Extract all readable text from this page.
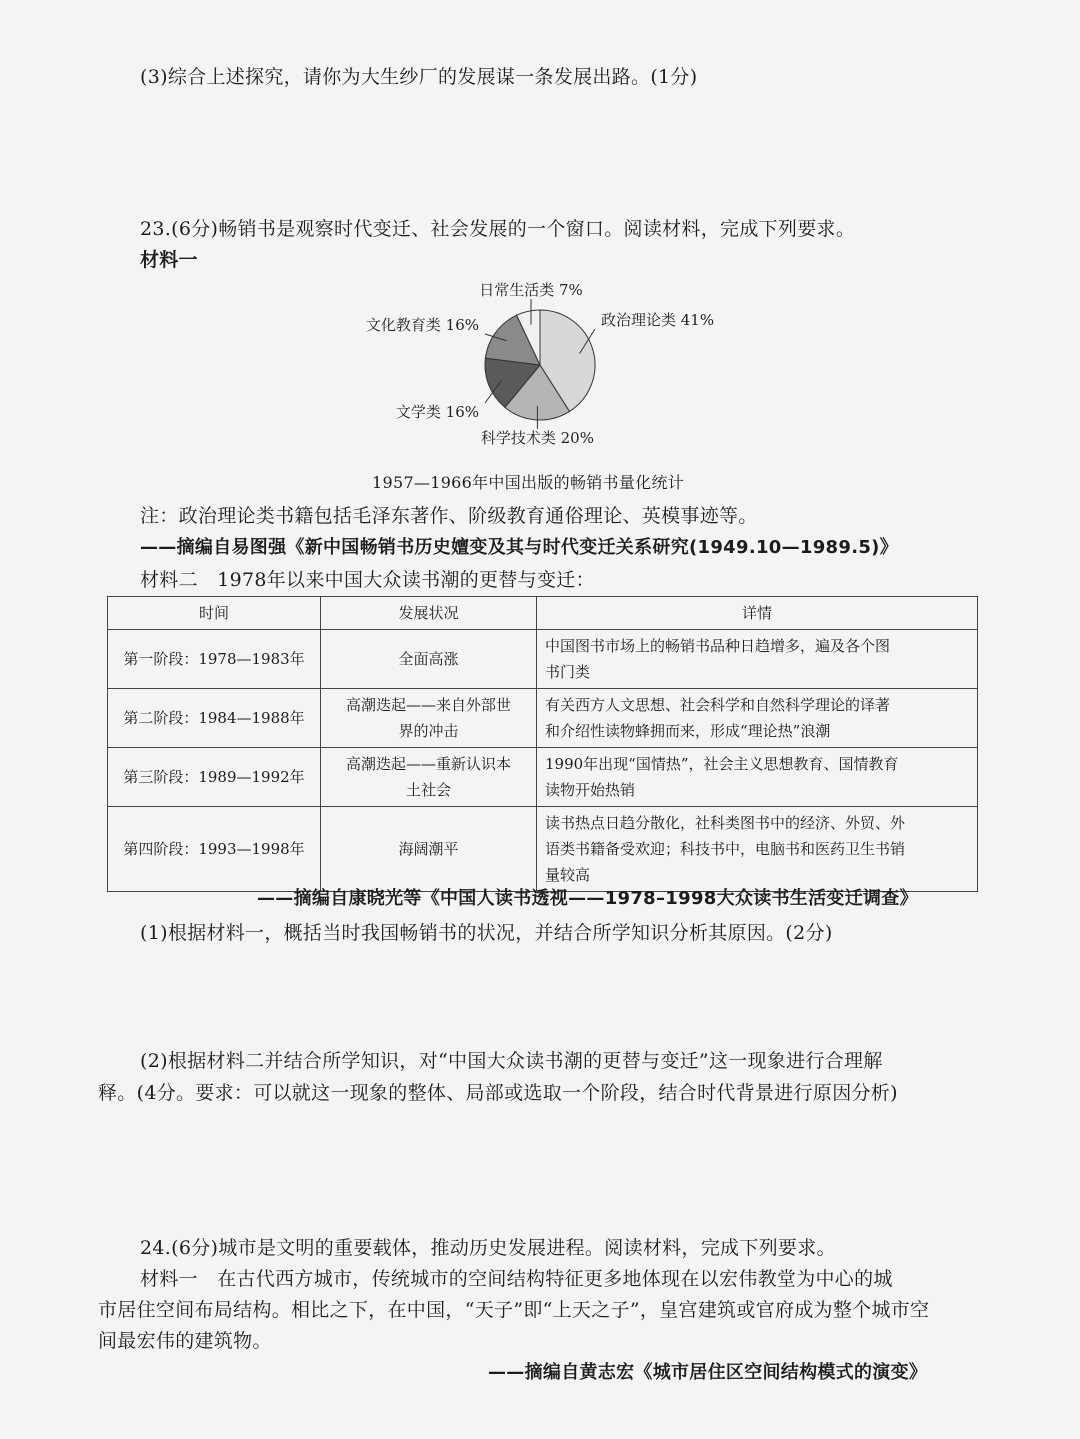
(3)综合上述探究，请你为大生纱厂的发展谋一条发展出路。(1分)
23.(6分)畅销书是观察时代变迁、社会发展的一个窗口。阅读材料，完成下列要求。
材料一
政治理论类 41%
科学技术类 20%
文学类 16%
文化教育类 16%
日常生活类 7%
1957—1966年中国出版的畅销书量化统计
注：政治理论类书籍包括毛泽东著作、阶级教育通俗理论、英模事迹等。
——摘编自易图强《新中国畅销书历史嬗变及其与时代变迁关系研究(1949.10—1989.5)》
材料二　1978年以来中国大众读书潮的更替与变迁：
时间	发展状况	详情
第一阶段：1978—1983年	全面高涨	中国图书市场上的畅销书品种日趋增多，遍及各个图
书门类
第二阶段：1984—1988年	高潮迭起——来自外部世
界的冲击	有关西方人文思想、社会科学和自然科学理论的译著
和介绍性读物蜂拥而来，形成“理论热”浪潮
第三阶段：1989—1992年	高潮迭起——重新认识本
土社会	1990年出现“国情热”，社会主义思想教育、国情教育
读物开始热销
第四阶段：1993—1998年	海阔潮平	读书热点日趋分散化，社科类图书中的经济、外贸、外
语类书籍备受欢迎；科技书中，电脑书和医药卫生书销
量较高
——摘编自康晓光等《中国人读书透视——1978–1998大众读书生活变迁调查》
(1)根据材料一，概括当时我国畅销书的状况，并结合所学知识分析其原因。(2分)
(2)根据材料二并结合所学知识，对“中国大众读书潮的更替与变迁”这一现象进行合理解
释。(4分。要求：可以就这一现象的整体、局部或选取一个阶段，结合时代背景进行原因分析)
24.(6分)城市是文明的重要载体，推动历史发展进程。阅读材料，完成下列要求。
材料一　在古代西方城市，传统城市的空间结构特征更多地体现在以宏伟教堂为中心的城
市居住空间布局结构。相比之下，在中国，“天子”即“上天之子”，皇宫建筑或官府成为整个城市空
间最宏伟的建筑物。
——摘编自黄志宏《城市居住区空间结构模式的演变》
